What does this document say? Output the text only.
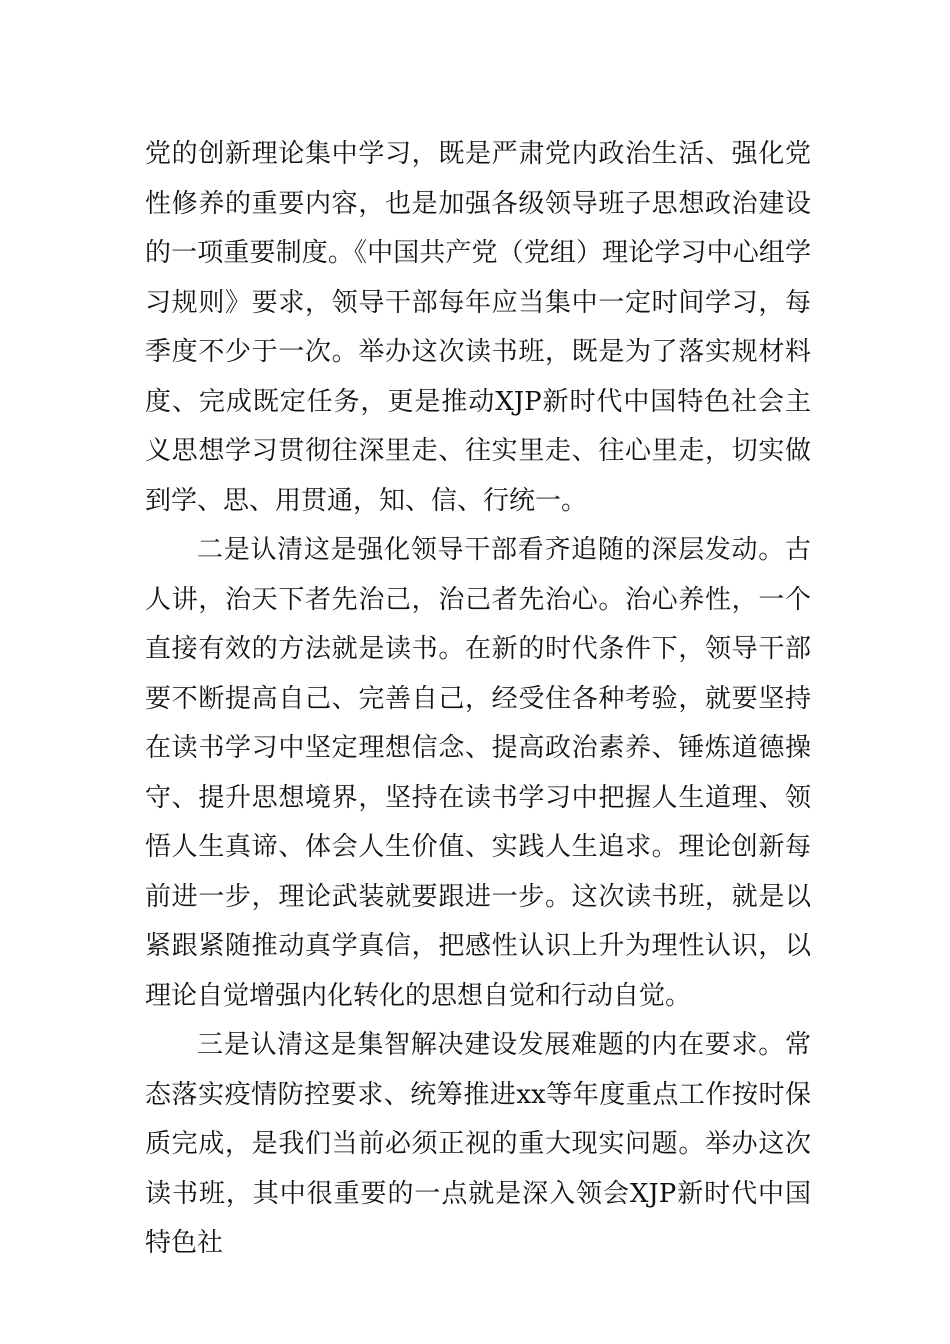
党的创新理论集中学习，既是严肃党内政治生活、强化党性修养的重要内容，也是加强各级领导班子思想政治建设的一项重要制度。《中国共产党（党组）理论学习中心组学习规则》要求，领导干部每年应当集中一定时间学习，每季度不少于一次。举办这次读书班，既是为了落实规材料度、完成既定任务，更是推动XJP新时代中国特色社会主义思想学习贯彻往深里走、往实里走、往心里走，切实做到学、思、用贯通，知、信、行统一。

二是认清这是强化领导干部看齐追随的深层发动。古人讲，治天下者先治己，治己者先治心。治心养性，一个直接有效的方法就是读书。在新的时代条件下，领导干部要不断提高自己、完善自己，经受住各种考验，就要坚持在读书学习中坚定理想信念、提高政治素养、锤炼道德操守、提升思想境界，坚持在读书学习中把握人生道理、领悟人生真谛、体会人生价值、实践人生追求。理论创新每前进一步，理论武装就要跟进一步。这次读书班，就是以紧跟紧随推动真学真信，把感性认识上升为理性认识，以理论自觉增强内化转化的思想自觉和行动自觉。

三是认清这是集智解决建设发展难题的内在要求。常态落实疫情防控要求、统筹推进xx等年度重点工作按时保质完成，是我们当前必须正视的重大现实问题。举办这次读书班，其中很重要的一点就是深入领会XJP新时代中国特色社
